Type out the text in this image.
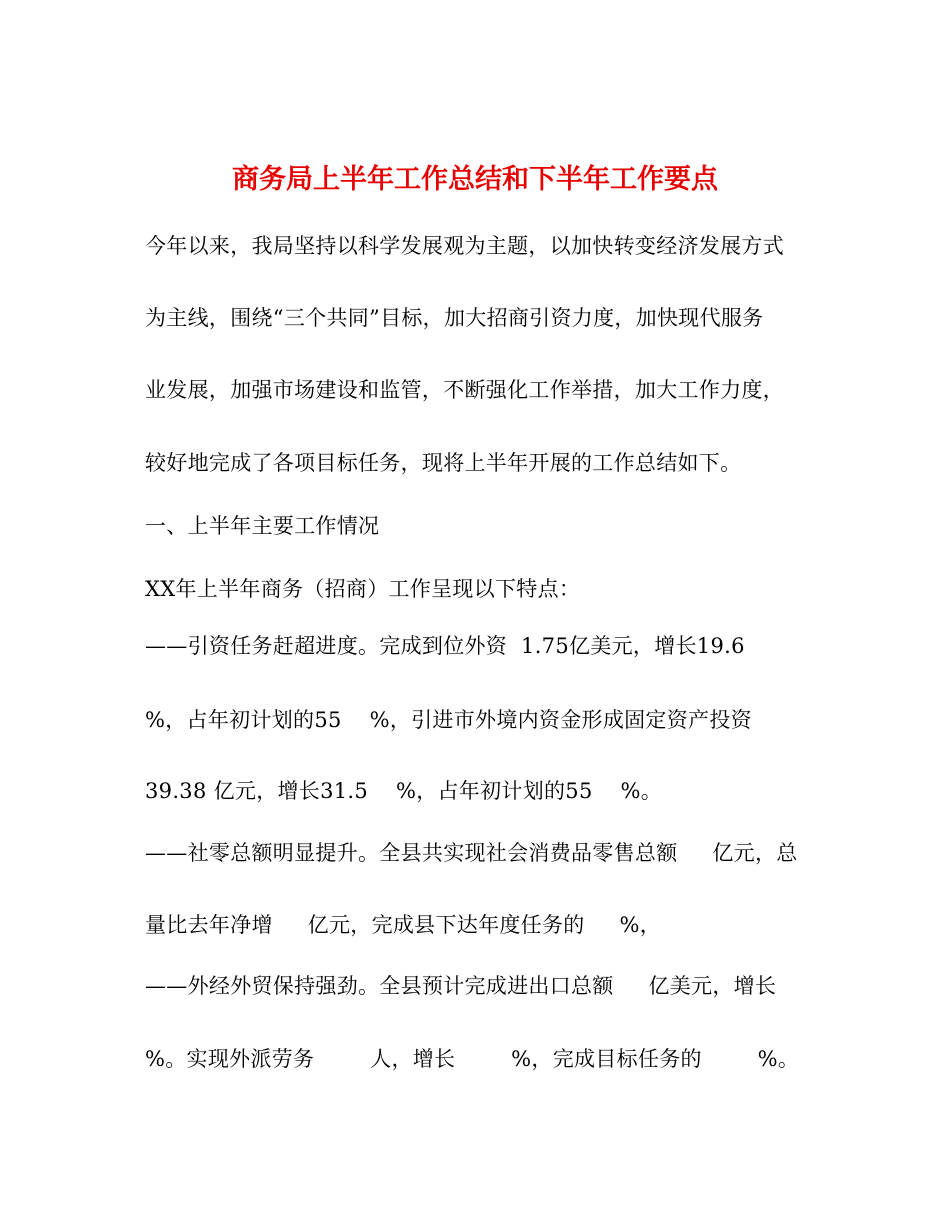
商务局上半年工作总结和下半年工作要点
今年以来，我局坚持以科学发展观为主题，以加快转变经济发展方式
为主线，围绕“三个共同”目标，加大招商引资力度，加快现代服务
业发展，加强市场建设和监管，不断强化工作举措，加大工作力度，
较好地完成了各项目标任务，现将上半年开展的工作总结如下。
一、上半年主要工作情况
XX年上半年商务（招商）工作呈现以下特点：
——引资任务赶超进度。完成到位外资  1.75亿美元，增长19.6
%，占年初计划的55    %，引进市外境内资金形成固定资产投资
39.38 亿元，增长31.5    %，占年初计划的55    %。
——社零总额明显提升。全县共实现社会消费品零售总额     亿元，总
量比去年净增     亿元，完成县下达年度任务的     %，
——外经外贸保持强劲。全县预计完成进出口总额     亿美元，增长
%。实现外派劳务        人，增长        %，完成目标任务的        %。
